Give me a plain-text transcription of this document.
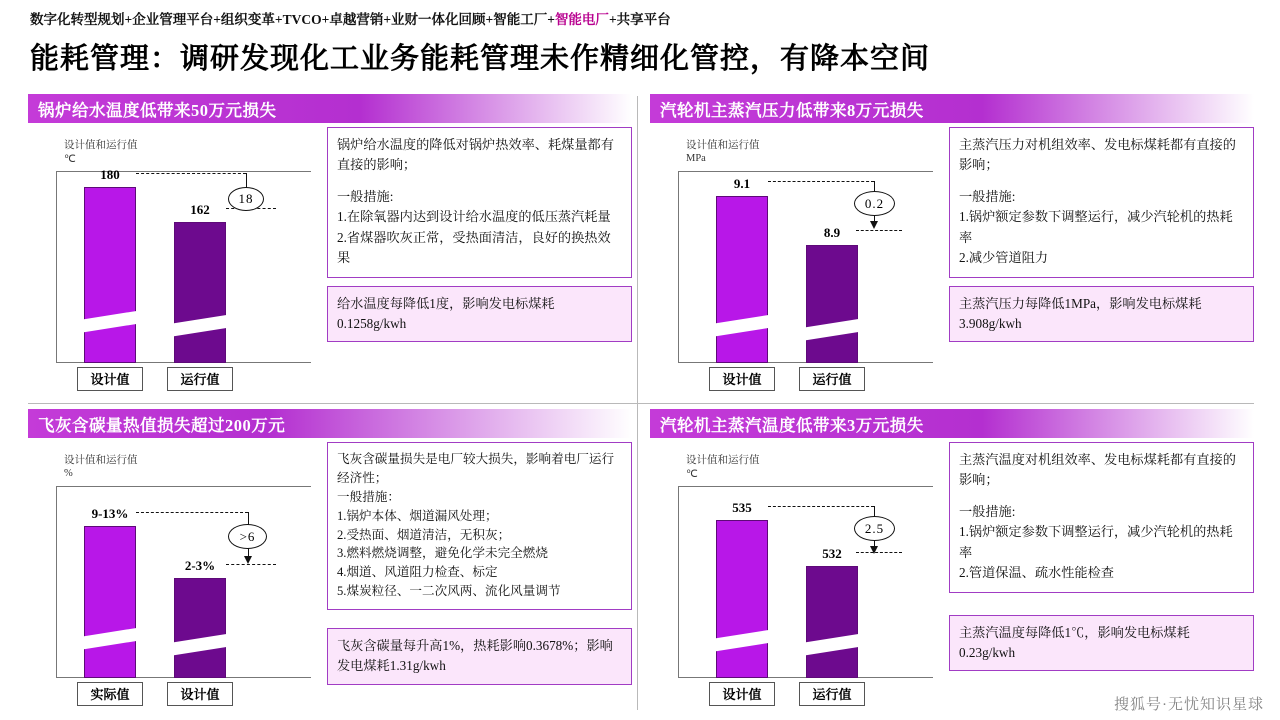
数字化转型规划+企业管理平台+组织变革+TVCO+卓越营销+业财一体化回顾+智能工厂+智能电厂+共享平台
能耗管理：调研发现化工业务能耗管理未作精细化管控，有降本空间
锅炉给水温度低带来50万元损失
设计值和运行值
℃
180
设计值
162
运行值
18

锅炉给水温度的降低对锅炉热效率、耗煤量都有直接的影响；

一般措施:

1.在除氧器内达到设计给水温度的低压蒸汽耗量

2.省煤器吹灰正常，受热面清洁，良好的换热效果

给水温度每降低1度，影响发电标煤耗0.1258g/kwh
汽轮机主蒸汽压力低带来8万元损失
设计值和运行值
MPa
9.1
设计值
8.9
运行值
0.2

主蒸汽压力对机组效率、发电标煤耗都有直接的影响；

一般措施:

1.锅炉额定参数下调整运行，减少汽轮机的热耗率

2.减少管道阻力

主蒸汽压力每降低1MPa，影响发电标煤耗3.908g/kwh
飞灰含碳量热值损失超过200万元
设计值和运行值
%
9-13%
实际值
2-3%
设计值
>6

飞灰含碳量损失是电厂较大损失，影响着电厂运行经济性；

一般措施：

1.锅炉本体、烟道漏风处理；

2.受热面、烟道清洁，无积灰；

3.燃料燃烧调整，避免化学未完全燃烧

4.烟道、风道阻力检查、标定

5.煤炭粒径、一二次风两、流化风量调节

飞灰含碳量每升高1%，热耗影响0.3678%；影响发电煤耗1.31g/kwh
汽轮机主蒸汽温度低带来3万元损失
设计值和运行值
℃
535
设计值
532
运行值
2.5

主蒸汽温度对机组效率、发电标煤耗都有直接的影响；

一般措施:

1.锅炉额定参数下调整运行，减少汽轮机的热耗率

2.管道保温、疏水性能检查

主蒸汽温度每降低1℃，影响发电标煤耗0.23g/kwh
搜狐号·无忧知识星球
